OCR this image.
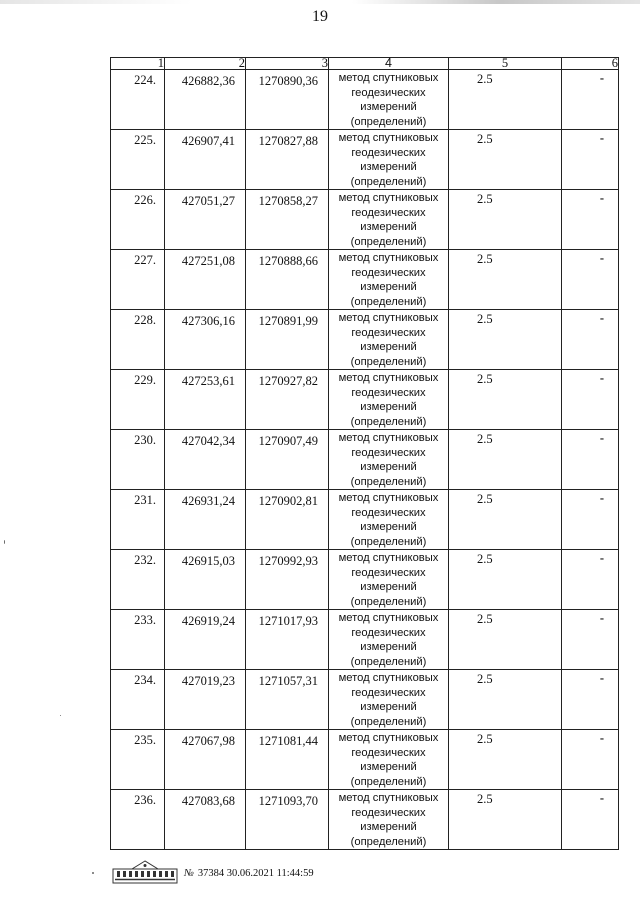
19
1	2	3	4	5	6
224.	426882,36	1270890,36	метод спутниковых геодезических измерений (определений)	2.5	-
225.	426907,41	1270827,88	метод спутниковых геодезических измерений (определений)	2.5	-
226.	427051,27	1270858,27	метод спутниковых геодезических измерений (определений)	2.5	-
227.	427251,08	1270888,66	метод спутниковых геодезических измерений (определений)	2.5	-
228.	427306,16	1270891,99	метод спутниковых геодезических измерений (определений)	2.5	-
229.	427253,61	1270927,82	метод спутниковых геодезических измерений (определений)	2.5	-
230.	427042,34	1270907,49	метод спутниковых геодезических измерений (определений)	2.5	-
231.	426931,24	1270902,81	метод спутниковых геодезических измерений (определений)	2.5	-
232.	426915,03	1270992,93	метод спутниковых геодезических измерений (определений)	2.5	-
233.	426919,24	1271017,93	метод спутниковых геодезических измерений (определений)	2.5	-
234.	427019,23	1271057,31	метод спутниковых геодезических измерений (определений)	2.5	-
235.	427067,98	1271081,44	метод спутниковых геодезических измерений (определений)	2.5	-
236.	427083,68	1271093,70	метод спутниковых геодезических измерений (определений)	2.5	-
№ 37384 30.06.2021 11:44:59
